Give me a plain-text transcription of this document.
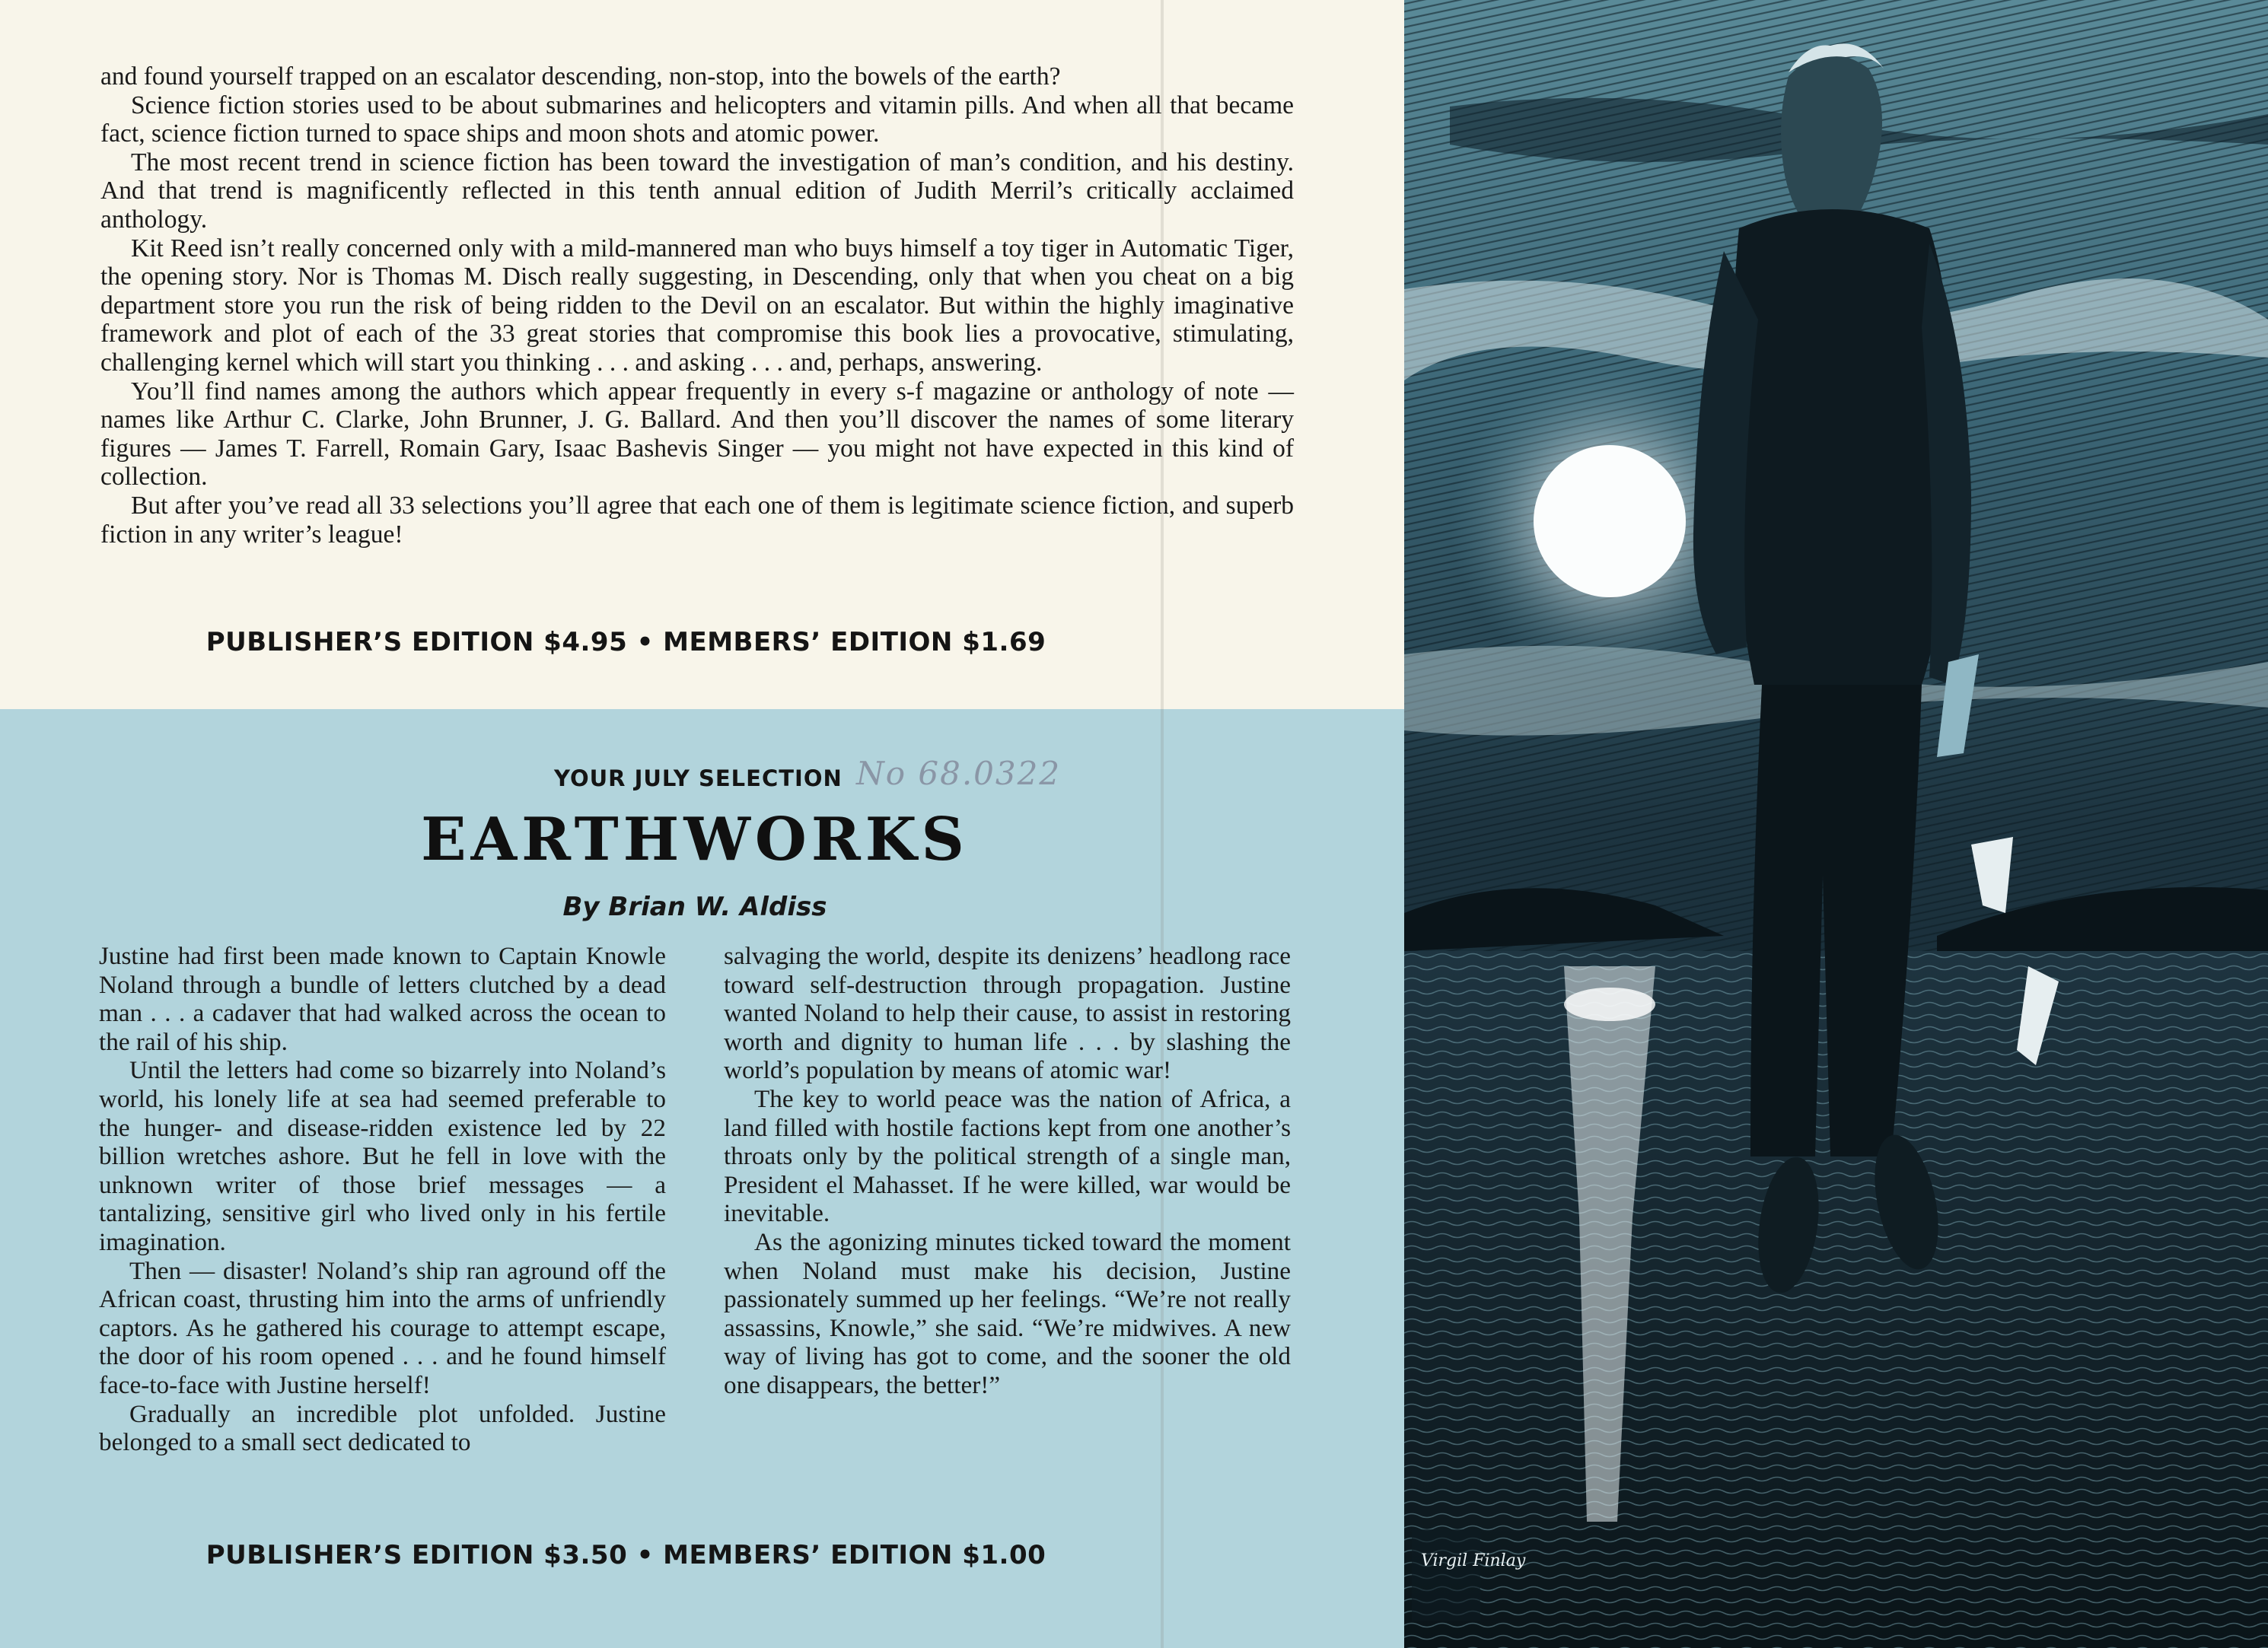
and found yourself trapped on an escalator descending, non-stop, into the bowels of the earth?

Science fiction stories used to be about submarines and helicopters and vitamin pills. And when all that became fact, science fiction turned to space ships and moon shots and atomic power.

The most recent trend in science fiction has been toward the investigation of man’s condition, and his destiny. And that trend is magnificently reflected in this tenth annual edition of Judith Merril’s critically acclaimed anthology.

Kit Reed isn’t really concerned only with a mild-mannered man who buys himself a toy tiger in Automatic Tiger, the opening story. Nor is Thomas M. Disch really suggesting, in Descending, only that when you cheat on a big department store you run the risk of being ridden to the Devil on an escalator. But within the highly imaginative framework and plot of each of the 33 great stories that compromise this book lies a provocative, stimulating, challenging kernel which will start you thinking . . . and asking . . . and, perhaps, answering.

You’ll find names among the authors which appear frequently in every s-f magazine or anthology of note — names like Arthur C. Clarke, John Brunner, J. G. Ballard. And then you’ll discover the names of some literary figures — James T. Farrell, Romain Gary, Isaac Bashevis Singer — you might not have expected in this kind of collection.

But after you’ve read all 33 selections you’ll agree that each one of them is legitimate science fiction, and superb fiction in any writer’s league!

PUBLISHER’S EDITION $4.95 • MEMBERS’ EDITION $1.69
YOUR JULY SELECTION No 68.0322
EARTHWORKS
By Brian W. Aldiss

Justine had first been made known to Captain Knowle Noland through a bundle of letters clutched by a dead man . . . a cadaver that had walked across the ocean to the rail of his ship.

Until the letters had come so bizarrely into Noland’s world, his lonely life at sea had seemed preferable to the hunger- and disease-ridden existence led by 22 billion wretches ashore. But he fell in love with the unknown writer of those brief messages — a tantalizing, sensitive girl who lived only in his fertile imagination.

Then — disaster! Noland’s ship ran aground off the African coast, thrusting him into the arms of unfriendly captors. As he gathered his courage to attempt escape, the door of his room opened . . . and he found himself face-to-face with Justine herself!

Gradually an incredible plot unfolded. Justine belonged to a small sect dedicated to

salvaging the world, despite its denizens’ headlong race toward self-destruction through propagation. Justine wanted Noland to help their cause, to assist in restoring worth and dignity to human life . . . by slashing the world’s population by means of atomic war!

The key to world peace was the nation of Africa, a land filled with hostile factions kept from one another’s throats only by the political strength of a single man, President el Mahasset. If he were killed, war would be inevitable.

As the agonizing minutes ticked toward the moment when Noland must make his decision, Justine passionately summed up her feelings. “We’re not really assassins, Knowle,” she said. “We’re midwives. A new way of living has got to come, and the sooner the old one disappears, the better!”

PUBLISHER’S EDITION $3.50 • MEMBERS’ EDITION $1.00	Virgil Finlay
